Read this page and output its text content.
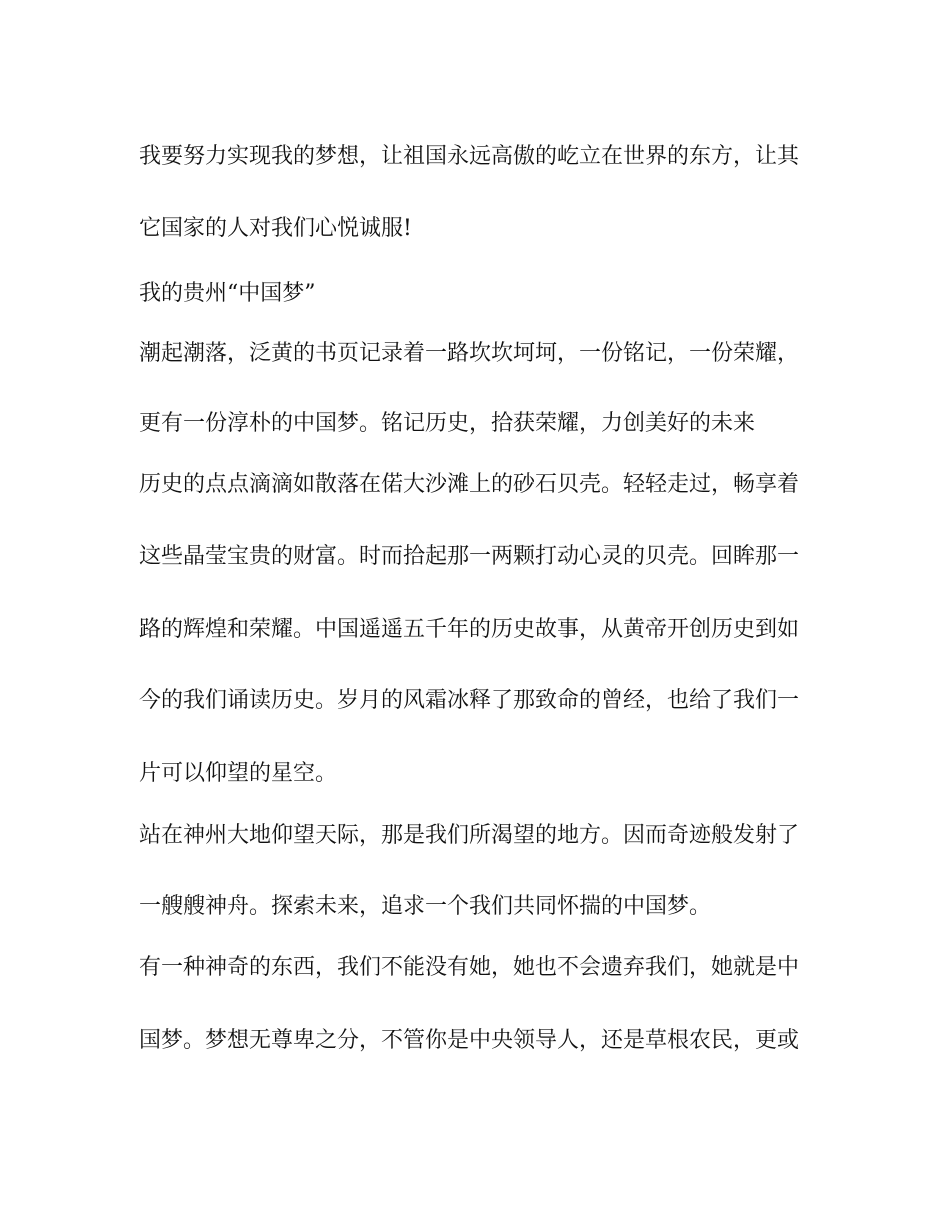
我要努力实现我的梦想，让祖国永远高傲的屹立在世界的东方，让其
它国家的人对我们心悦诚服!
我的贵州“中国梦”
潮起潮落，泛黄的书页记录着一路坎坎坷坷，一份铭记，一份荣耀，
更有一份淳朴的中国梦。铭记历史，拾获荣耀，力创美好的未来
历史的点点滴滴如散落在偌大沙滩上的砂石贝壳。轻轻走过，畅享着
这些晶莹宝贵的财富。时而拾起那一两颗打动心灵的贝壳。回眸那一
路的辉煌和荣耀。中国遥遥五千年的历史故事，从黄帝开创历史到如
今的我们诵读历史。岁月的风霜冰释了那致命的曾经，也给了我们一
片可以仰望的星空。
站在神州大地仰望天际，那是我们所渴望的地方。因而奇迹般发射了
一艘艘神舟。探索未来，追求一个我们共同怀揣的中国梦。
有一种神奇的东西，我们不能没有她，她也不会遗弃我们，她就是中
国梦。梦想无尊卑之分，不管你是中央领导人，还是草根农民，更或
